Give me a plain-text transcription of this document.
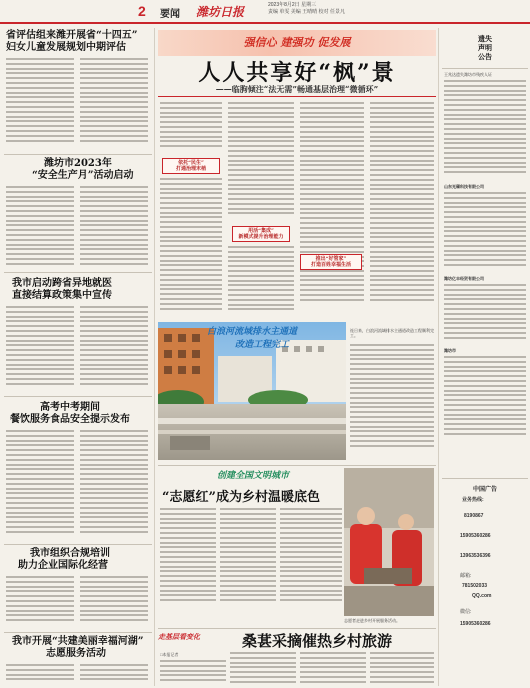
2 要闻 潍坊日报	2023年8月2日 星期三
责编 单雯 美编 王晴晴 校对 任景凡
省评估组来潍开展省“十四五”
妇女儿童发展规划中期评估
潍坊市2023年
“安全生产月”活动启动
我市启动跨省异地就医
直接结算政策集中宣传
高考中考期间
餐饮服务食品安全提示发布
我市组织合规培训
助力企业国际化经营
我市开展“共建美丽幸福河湖”
志愿服务活动
强信心 建强功 促发展
人人共享好“枫”景
——临朐倾注“法无需”畅通基层治理“微循环”
依托“民生”
打通治理末梢
用活“集成”
新模式提升治理能力
推出“好管家”
打造百姓幸福生活
白浪河流域排水主通道
改造工程完工
连日来，白浪河流域排水主通道改造工程顺利完工。
创建全国文明城市
“志愿红”成为乡村温暖底色
志愿者走进乡村开展服务活动。
走基层看变化	桑葚采摘催热乡村旅游
□本报记者
遗失
声明
公告
王兆达遗失潍坊市残疾人证
山东光碟科技有限公司
潍坊亿丰经贸有限公司
潍坊市
中国广告
业务热线:
8190867
15905360286
13963536396
邮箱:
781502033
QQ.com
微信:
15905360286
